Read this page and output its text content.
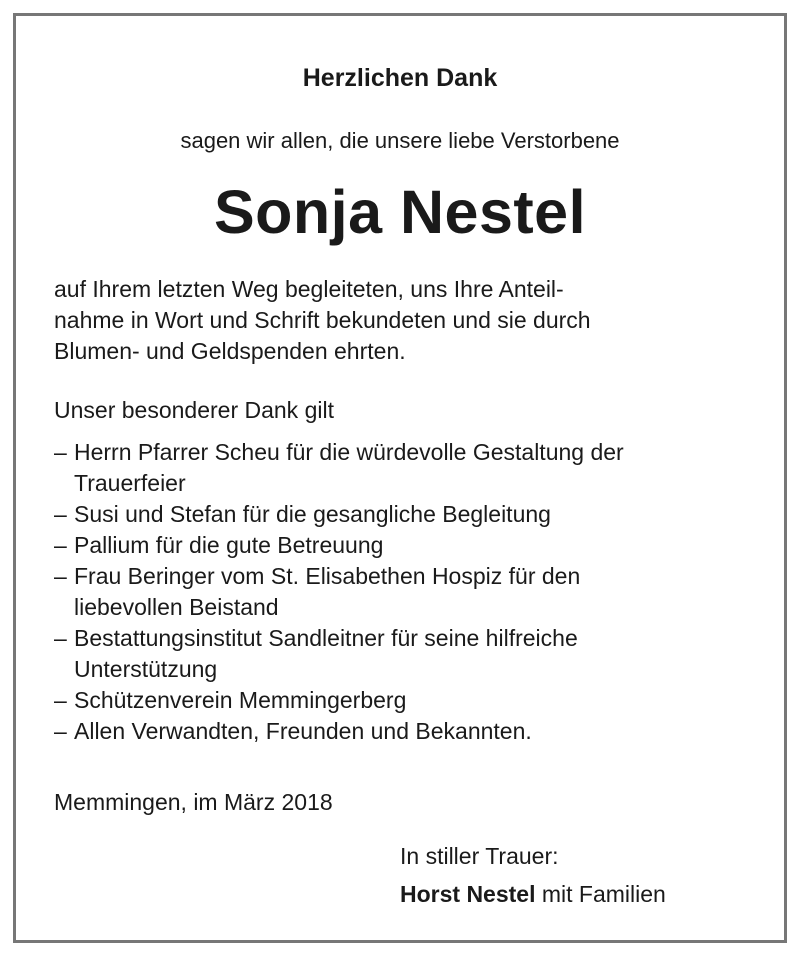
Herzlichen Dank
sagen wir allen, die unsere liebe Verstorbene
Sonja Nestel
auf Ihrem letzten Weg begleiteten, uns Ihre Anteil-
nahme in Wort und Schrift bekundeten und sie durch
Blumen- und Geldspenden ehrten.
Unser besonderer Dank gilt
– Herrn Pfarrer Scheu für die würdevolle Gestaltung der
Trauerfeier
– Susi und Stefan für die gesangliche Begleitung
– Pallium für die gute Betreuung
– Frau Beringer vom St. Elisabethen Hospiz für den
liebevollen Beistand
– Bestattungsinstitut Sandleitner für seine hilfreiche
Unterstützung
– Schützenverein Memmingerberg
– Allen Verwandten, Freunden und Bekannten.
Memmingen, im März 2018
In stiller Trauer:
Horst Nestel mit Familien
